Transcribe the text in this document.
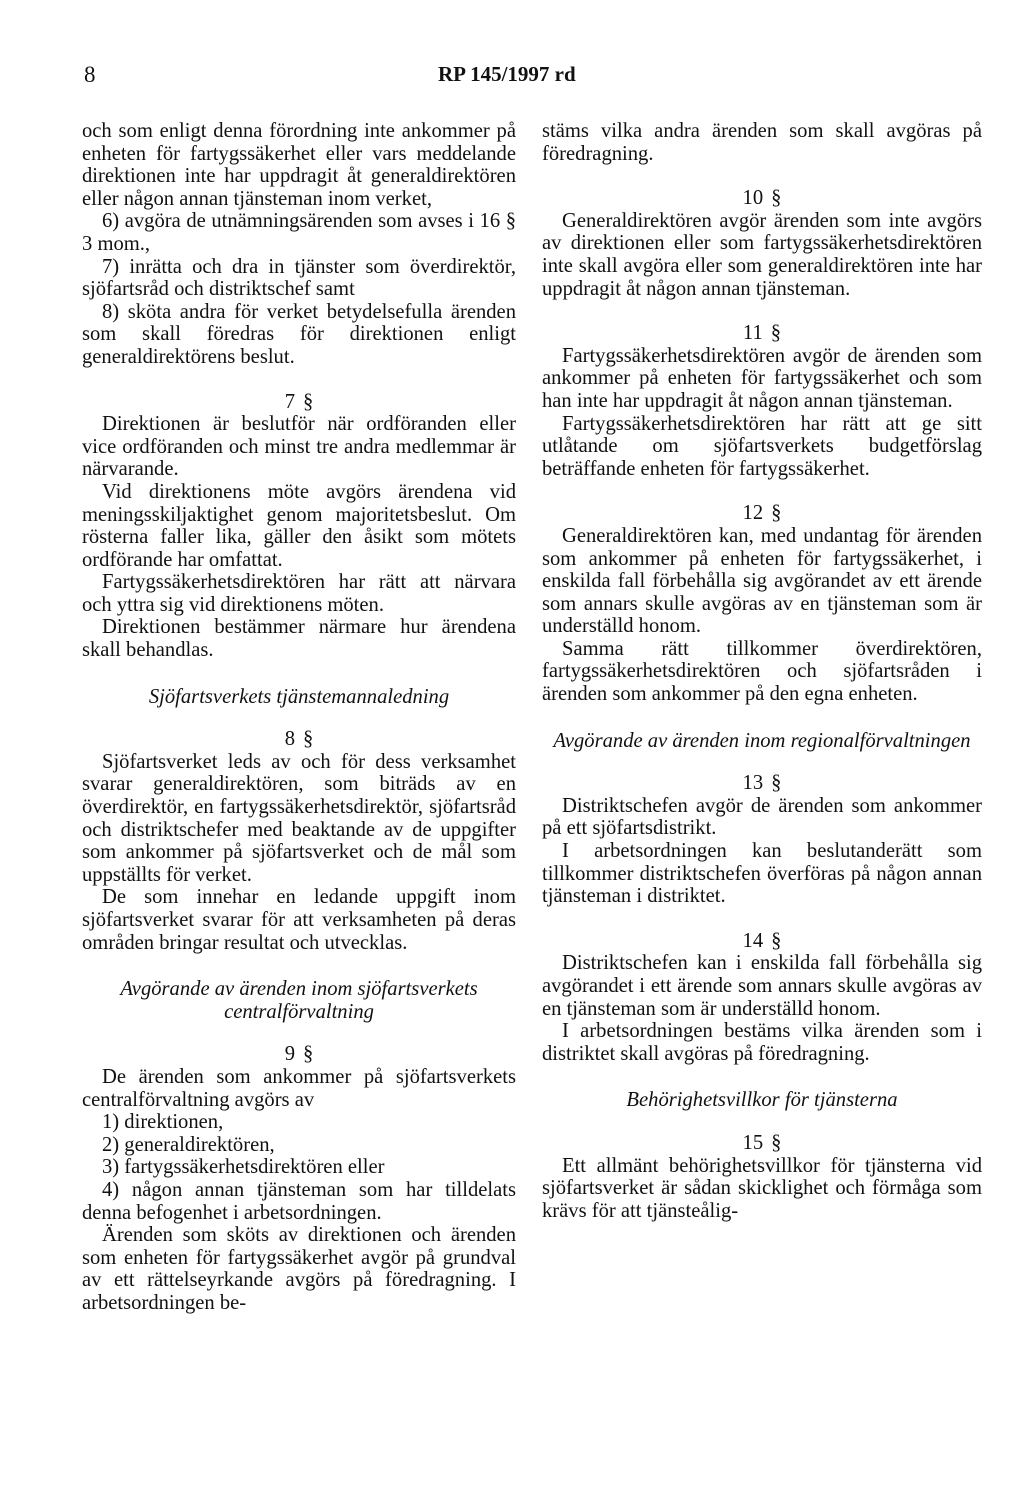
8	RP 145/1997 rd

och som enligt denna förordning inte ankommer på enheten för fartygssäkerhet eller vars meddelande direktionen inte har uppdragit åt generaldirektören eller någon annan tjänsteman inom verket,

6) avgöra de utnämningsärenden som avses i 16 § 3 mom.,

7) inrätta och dra in tjänster som överdirektör, sjöfartsråd och distriktschef samt

8) sköta andra för verket betydelsefulla ärenden som skall föredras för direktionen enligt generaldirektörens beslut.

7 §

Direktionen är beslutför när ordföranden eller vice ordföranden och minst tre andra medlemmar är närvarande.

Vid direktionens möte avgörs ärendena vid meningsskiljaktighet genom majoritetsbeslut. Om rösterna faller lika, gäller den åsikt som mötets ordförande har omfattat.

Fartygssäkerhetsdirektören har rätt att närvara och yttra sig vid direktionens möten.

Direktionen bestämmer närmare hur ärendena skall behandlas.

Sjöfartsverkets tjänstemannaledning

8 §

Sjöfartsverket leds av och för dess verksamhet svarar generaldirektören, som biträds av en överdirektör, en fartygssäkerhetsdirektör, sjöfartsråd och distriktschefer med beaktande av de uppgifter som ankommer på sjöfartsverket och de mål som uppställts för verket.

De som innehar en ledande uppgift inom sjöfartsverket svarar för att verksamheten på deras områden bringar resultat och utvecklas.

Avgörande av ärenden inom sjöfartsverkets centralförvaltning

9 §

De ärenden som ankommer på sjöfartsverkets centralförvaltning avgörs av

1) direktionen,

2) generaldirektören,

3) fartygssäkerhetsdirektören eller

4) någon annan tjänsteman som har tilldelats denna befogenhet i arbetsordningen.

Ärenden som sköts av direktionen och ärenden som enheten för fartygssäkerhet avgör på grundval av ett rättelseyrkande avgörs på föredragning. I arbetsordningen be-

stäms vilka andra ärenden som skall avgöras på föredragning.

10 §

Generaldirektören avgör ärenden som inte avgörs av direktionen eller som fartygssäkerhetsdirektören inte skall avgöra eller som generaldirektören inte har uppdragit åt någon annan tjänsteman.

11 §

Fartygssäkerhetsdirektören avgör de ärenden som ankommer på enheten för fartygssäkerhet och som han inte har uppdragit åt någon annan tjänsteman.

Fartygssäkerhetsdirektören har rätt att ge sitt utlåtande om sjöfartsverkets budgetförslag beträffande enheten för fartygssäkerhet.

12 §

Generaldirektören kan, med undantag för ärenden som ankommer på enheten för fartygssäkerhet, i enskilda fall förbehålla sig avgörandet av ett ärende som annars skulle avgöras av en tjänsteman som är underställd honom.

Samma rätt tillkommer överdirektören, fartygssäkerhetsdirektören och sjöfartsråden i ärenden som ankommer på den egna enheten.

Avgörande av ärenden inom regionalförvaltningen

13 §

Distriktschefen avgör de ärenden som ankommer på ett sjöfartsdistrikt.

I arbetsordningen kan beslutanderätt som tillkommer distriktschefen överföras på någon annan tjänsteman i distriktet.

14 §

Distriktschefen kan i enskilda fall förbehålla sig avgörandet i ett ärende som annars skulle avgöras av en tjänsteman som är underställd honom.

I arbetsordningen bestäms vilka ärenden som i distriktet skall avgöras på föredragning.

Behörighetsvillkor för tjänsterna

15 §

Ett allmänt behörighetsvillkor för tjänsterna vid sjöfartsverket är sådan skicklighet och förmåga som krävs för att tjänsteålig-
